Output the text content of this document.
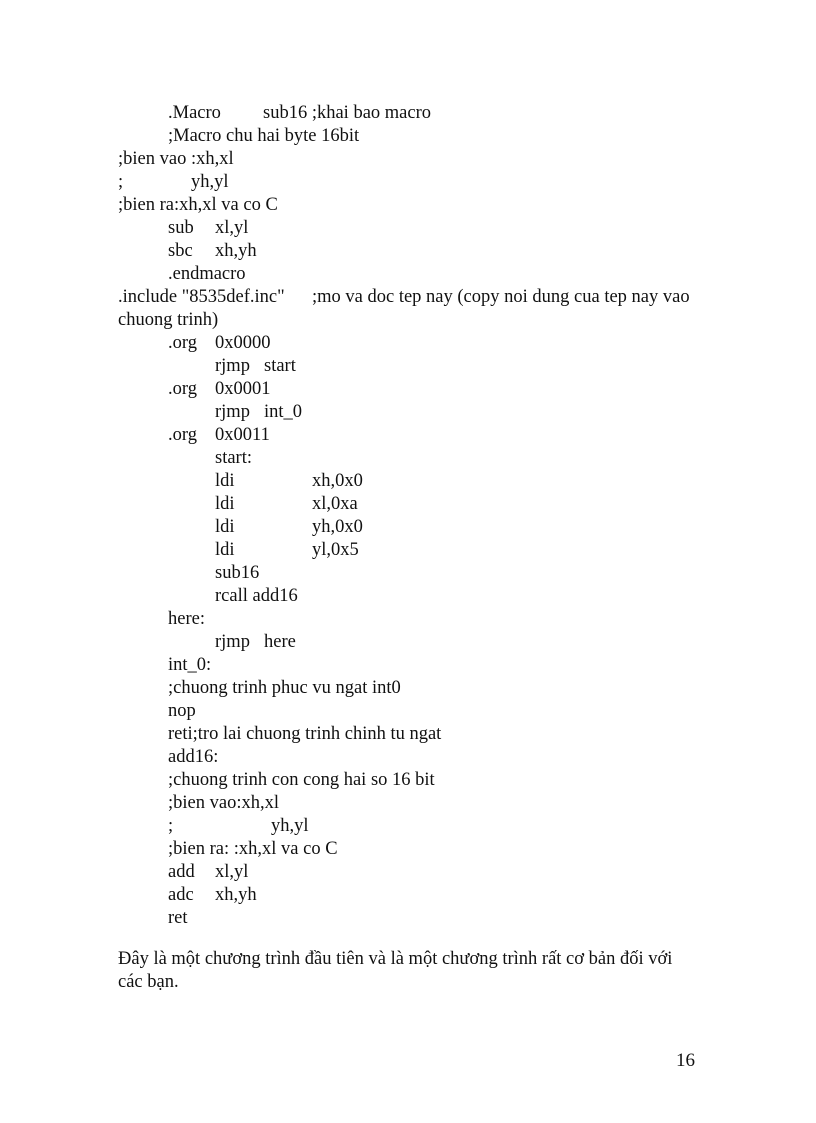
.Macro sub16 ;khai bao macro
;Macro chu hai byte 16bit
;bien vao :xh,xl
;	yh,yl
;bien ra:xh,xl va co C
sub xl,yl
sbc xh,yh
.endmacro
.include "8535def.inc" ;mo va doc tep nay (copy noi dung cua tep nay vao
chuong trinh)
.org 0x0000
rjmp start
.org 0x0001
rjmp int_0
.org 0x0011
start:
ldi	xh,0x0
ldi	xl,0xa
ldi	yh,0x0
ldi	yl,0x5
sub16
rcall add16
here:
rjmp here
int_0:
;chuong trinh phuc vu ngat int0
nop
reti;tro lai chuong trinh chinh tu ngat
add16:
;chuong trinh con cong hai so 16 bit
;bien vao:xh,xl
;	yh,yl
;bien ra: :xh,xl va co C
add xl,yl
adc xh,yh
ret

Đây là một chương trình đầu tiên và là một chương trình rất cơ bản đối với các bạn.

16
